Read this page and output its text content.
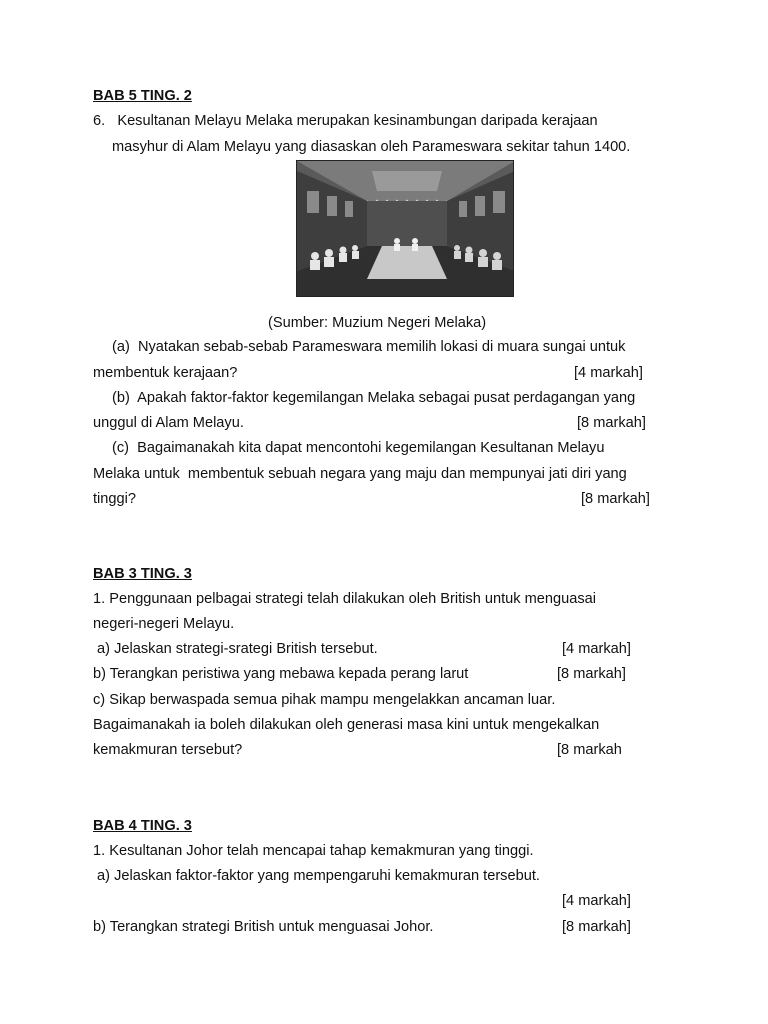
BAB 5 TING. 2
6.   Kesultanan Melayu Melaka merupakan kesinambungan daripada kerajaan
masyhur di Alam Melayu yang diasaskan oleh Parameswara sekitar tahun 1400.
(Sumber: Muzium Negeri Melaka)
(a)  Nyatakan sebab-sebab Parameswara memilih lokasi di muara sungai untuk
membentuk kerajaan?	[4 markah]
(b)  Apakah faktor-faktor kegemilangan Melaka sebagai pusat perdagangan yang
unggul di Alam Melayu.	[8 markah]
(c)  Bagaimanakah kita dapat mencontohi kegemilangan Kesultanan Melayu
Melaka untuk  membentuk sebuah negara yang maju dan mempunyai jati diri yang
tinggi?	[8 markah]
BAB 3 TING. 3
1. Penggunaan pelbagai strategi telah dilakukan oleh British untuk menguasai
negeri-negeri Melayu.
a) Jelaskan strategi-srategi British tersebut.	[4 markah]
b) Terangkan peristiwa yang mebawa kepada perang larut	[8 markah]
c) Sikap berwaspada semua pihak mampu mengelakkan ancaman luar.
Bagaimanakah ia boleh dilakukan oleh generasi masa kini untuk mengekalkan
kemakmuran tersebut?	[8 markah
BAB 4 TING. 3
1. Kesultanan Johor telah mencapai tahap kemakmuran yang tinggi.
a) Jelaskan faktor-faktor yang mempengaruhi kemakmuran tersebut.
[4 markah]
b) Terangkan strategi British untuk menguasai Johor.	[8 markah]
